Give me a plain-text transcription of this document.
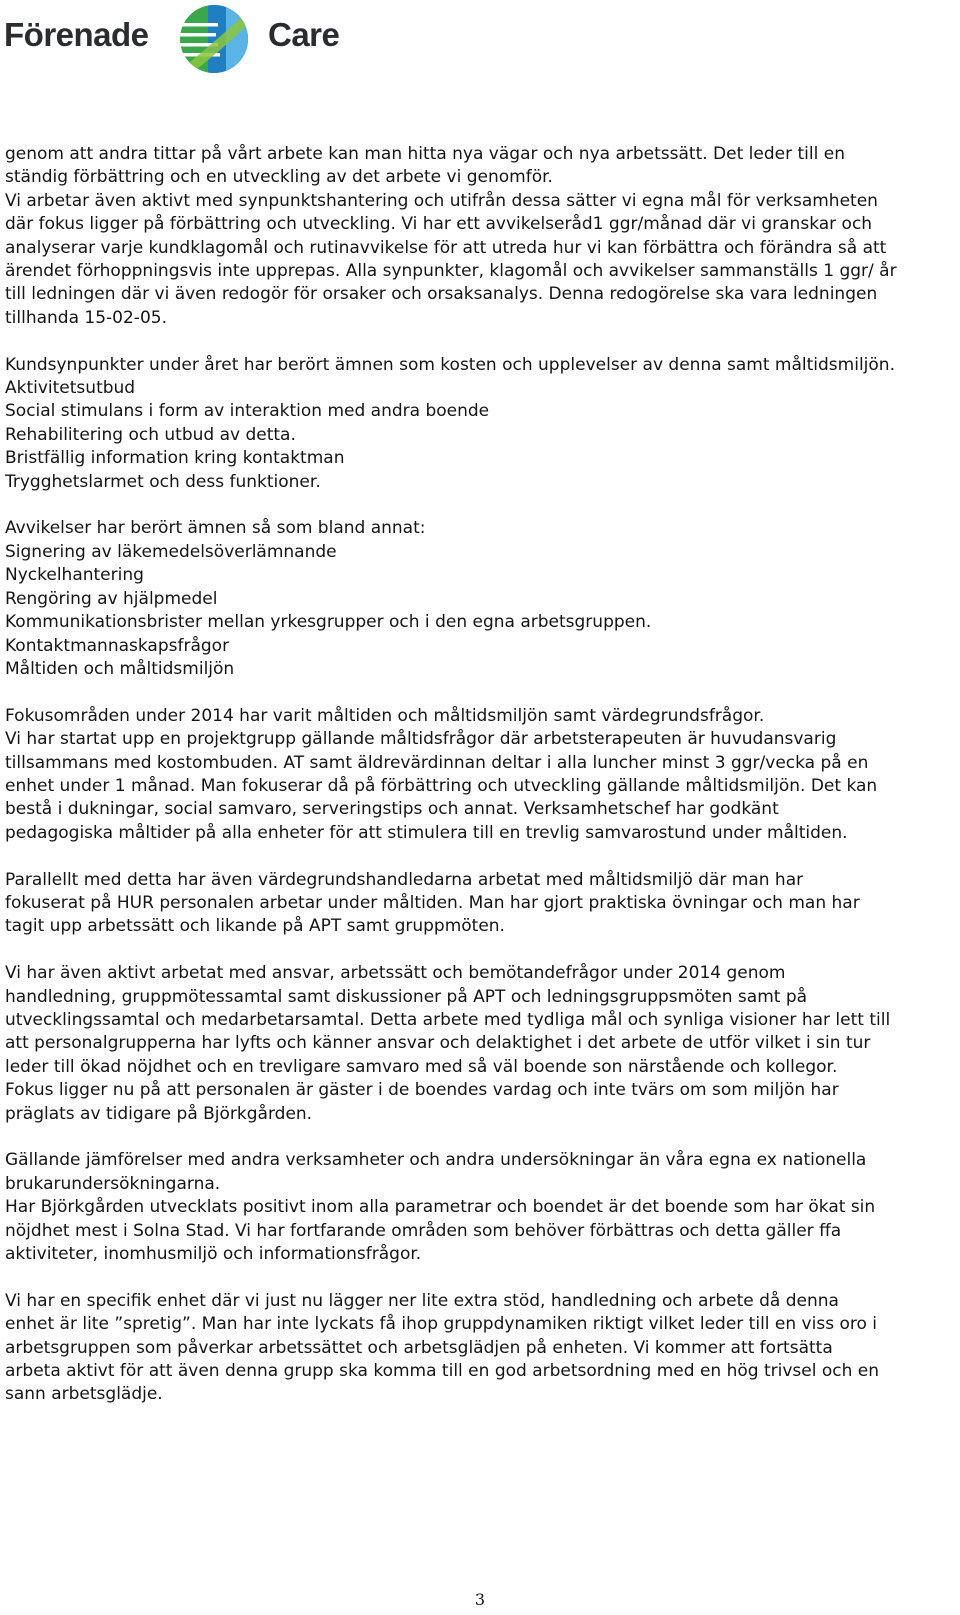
Förenade	Care
genom att andra tittar på vårt arbete kan man hitta nya vägar och nya arbetssätt. Det leder till en
ständig förbättring och en utveckling av det arbete vi genomför.
Vi arbetar även aktivt med synpunktshantering och utifrån dessa sätter vi egna mål för verksamheten
där fokus ligger på förbättring och utveckling. Vi har ett avvikelseråd1 ggr/månad där vi granskar och
analyserar varje kundklagomål och rutinavvikelse för att utreda hur vi kan förbättra och förändra så att
ärendet förhoppningsvis inte upprepas. Alla synpunkter, klagomål och avvikelser sammanställs 1 ggr/ år
till ledningen där vi även redogör för orsaker och orsaksanalys. Denna redogörelse ska vara ledningen
tillhanda 15-02-05.
Kundsynpunkter under året har berört ämnen som kosten och upplevelser av denna samt måltidsmiljön.
Aktivitetsutbud
Social stimulans i form av interaktion med andra boende
Rehabilitering och utbud av detta.
Bristfällig information kring kontaktman
Trygghetslarmet och dess funktioner.
Avvikelser har berört ämnen så som bland annat:
Signering av läkemedelsöverlämnande
Nyckelhantering
Rengöring av hjälpmedel
Kommunikationsbrister mellan yrkesgrupper och i den egna arbetsgruppen.
Kontaktmannaskapsfrågor
Måltiden och måltidsmiljön
Fokusområden under 2014 har varit måltiden och måltidsmiljön samt värdegrundsfrågor.
Vi har startat upp en projektgrupp gällande måltidsfrågor där arbetsterapeuten är huvudansvarig
tillsammans med kostombuden. AT samt äldrevärdinnan deltar i alla luncher minst 3 ggr/vecka på en
enhet under 1 månad. Man fokuserar då på förbättring och utveckling gällande måltidsmiljön. Det kan
bestå i dukningar, social samvaro, serveringstips och annat. Verksamhetschef har godkänt
pedagogiska måltider på alla enheter för att stimulera till en trevlig samvarostund under måltiden.
Parallellt med detta har även värdegrundshandledarna arbetat med måltidsmiljö där man har
fokuserat på HUR personalen arbetar under måltiden. Man har gjort praktiska övningar och man har
tagit upp arbetssätt och likande på APT samt gruppmöten.
Vi har även aktivt arbetat med ansvar, arbetssätt och bemötandefrågor under 2014 genom
handledning, gruppmötessamtal samt diskussioner på APT och ledningsgruppsmöten samt på
utvecklingssamtal och medarbetarsamtal. Detta arbete med tydliga mål och synliga visioner har lett till
att personalgrupperna har lyfts och känner ansvar och delaktighet i det arbete de utför vilket i sin tur
leder till ökad nöjdhet och en trevligare samvaro med så väl boende son närstående och kollegor.
Fokus ligger nu på att personalen är gäster i de boendes vardag och inte tvärs om som miljön har
präglats av tidigare på Björkgården.
Gällande jämförelser med andra verksamheter och andra undersökningar än våra egna ex nationella
brukarundersökningarna.
Har Björkgården utvecklats positivt inom alla parametrar och boendet är det boende som har ökat sin
nöjdhet mest i Solna Stad. Vi har fortfarande områden som behöver förbättras och detta gäller ffa
aktiviteter, inomhusmiljö och informationsfrågor.
Vi har en specifik enhet där vi just nu lägger ner lite extra stöd, handledning och arbete då denna
enhet är lite ”spretig”. Man har inte lyckats få ihop gruppdynamiken riktigt vilket leder till en viss oro i
arbetsgruppen som påverkar arbetssättet och arbetsglädjen på enheten. Vi kommer att fortsätta
arbeta aktivt för att även denna grupp ska komma till en god arbetsordning med en hög trivsel och en
sann arbetsglädje.
3
